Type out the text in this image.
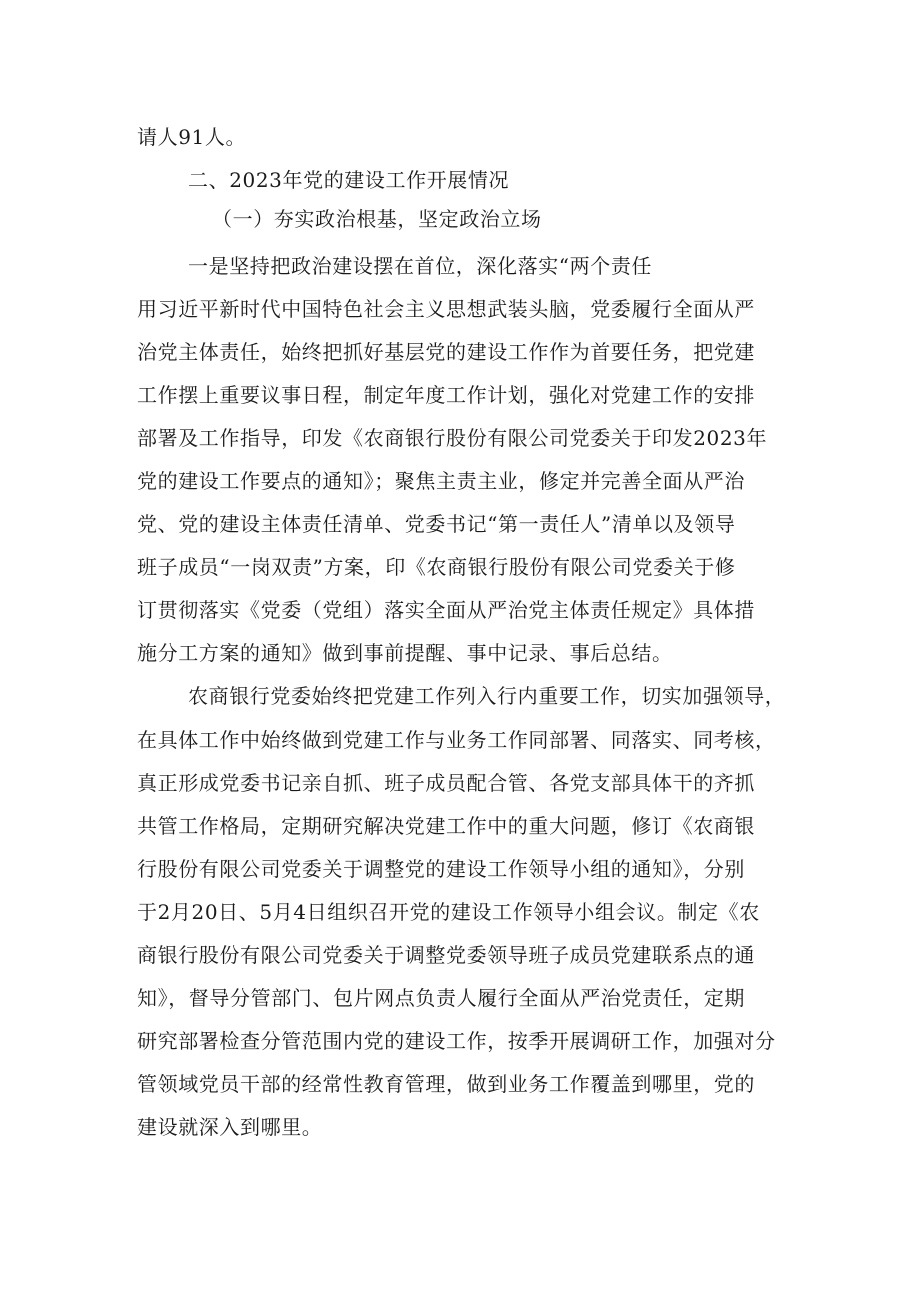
请人91人。
二、2023年党的建设工作开展情况
（一）夯实政治根基，坚定政治立场
一是坚持把政治建设摆在首位，深化落实“两个责任
用习近平新时代中国特色社会主义思想武装头脑，党委履行全面从严
治党主体责任，始终把抓好基层党的建设工作作为首要任务，把党建
工作摆上重要议事日程，制定年度工作计划，强化对党建工作的安排
部署及工作指导，印发《农商银行股份有限公司党委关于印发2023年
党的建设工作要点的通知》；聚焦主责主业，修定并完善全面从严治
党、党的建设主体责任清单、党委书记“第一责任人”清单以及领导
班子成员“一岗双责”方案，印《农商银行股份有限公司党委关于修
订贯彻落实《党委（党组）落实全面从严治党主体责任规定》具体措
施分工方案的通知》做到事前提醒、事中记录、事后总结。
农商银行党委始终把党建工作列入行内重要工作，切实加强领导，
在具体工作中始终做到党建工作与业务工作同部署、同落实、同考核，
真正形成党委书记亲自抓、班子成员配合管、各党支部具体干的齐抓
共管工作格局，定期研究解决党建工作中的重大问题，修订《农商银
行股份有限公司党委关于调整党的建设工作领导小组的通知》，分别
于2月20日、5月4日组织召开党的建设工作领导小组会议。制定《农
商银行股份有限公司党委关于调整党委领导班子成员党建联系点的通
知》，督导分管部门、包片网点负责人履行全面从严治党责任，定期
研究部署检查分管范围内党的建设工作，按季开展调研工作，加强对分
管领域党员干部的经常性教育管理，做到业务工作覆盖到哪里，党的
建设就深入到哪里。
